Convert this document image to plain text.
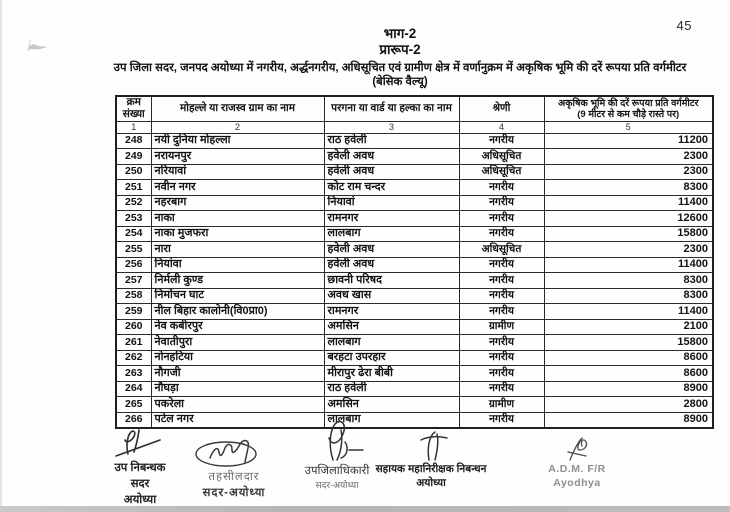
45
भाग-2
प्रारूप-2
उप जिला सदर, जनपद अयोध्या में नगरीय, अर्द्धनगरीय, अधिसूचित एवं ग्रामीण क्षेत्र में वर्णानुक्रम में अकृषिक भूमि की दरें रूपया प्रति वर्गमीटर
(बेसिक वैल्यू)
क्रम संख्या	मोहल्ले या राजस्व ग्राम का नाम	परगना या वार्ड या हल्का का नाम	श्रेणी	अकृषिक भूमि की दरें रूपया प्रति वर्गमीटर
(9 मीटर से कम चौड़े रास्ते पर)
1	2	3	4	5
248	नयी दुनिया मोहल्ला	राठ हवेली	नगरीय	11200
249	नरायनपुर	हवेली अवध	अधिसूचित	2300
250	नरियावां	हवेली अवध	अधिसूचित	2300
251	नवीन नगर	कोट राम चन्दर	नगरीय	8300
252	नहरबाग	नियावां	नगरीय	11400
253	नाका	रामनगर	नगरीय	12600
254	नाका मुजफरा	लालबाग	नगरीय	15800
255	नारा	हवेली अवध	अधिसूचित	2300
256	नियांवा	हवेली अवध	नगरीय	11400
257	निर्मली कुण्ड	छावनी परिषद	नगरीय	8300
258	निर्मोचन घाट	अवध खास	नगरीय	8300
259	नील बिहार कालोनी(वि0प्रा0)	रामनगर	नगरीय	11400
260	नेव कबीरपुर	अमसिन	ग्रामीण	2100
261	नेवातीपुरा	लालबाग	नगरीय	15800
262	नोनहटिया	बरहटा उपरहार	नगरीय	8600
263	नौगजी	मीरापुर ढेरा बीबी	नगरीय	8600
264	नौघड़ा	राठ हवेली	नगरीय	8900
265	पकरेला	अमसिन	ग्रामीण	2800
266	पटेल नगर	लालबाग	नगरीय	8900
उप निबन्धक
सदर
अयोध्या
तहसीलदार
सदर-अयोध्या
उपजिलाधिकारी
सदर-अयोध्या
सहायक महानिरीक्षक निबन्धन
अयोध्या
A.D.M. F/R
Ayodhya
